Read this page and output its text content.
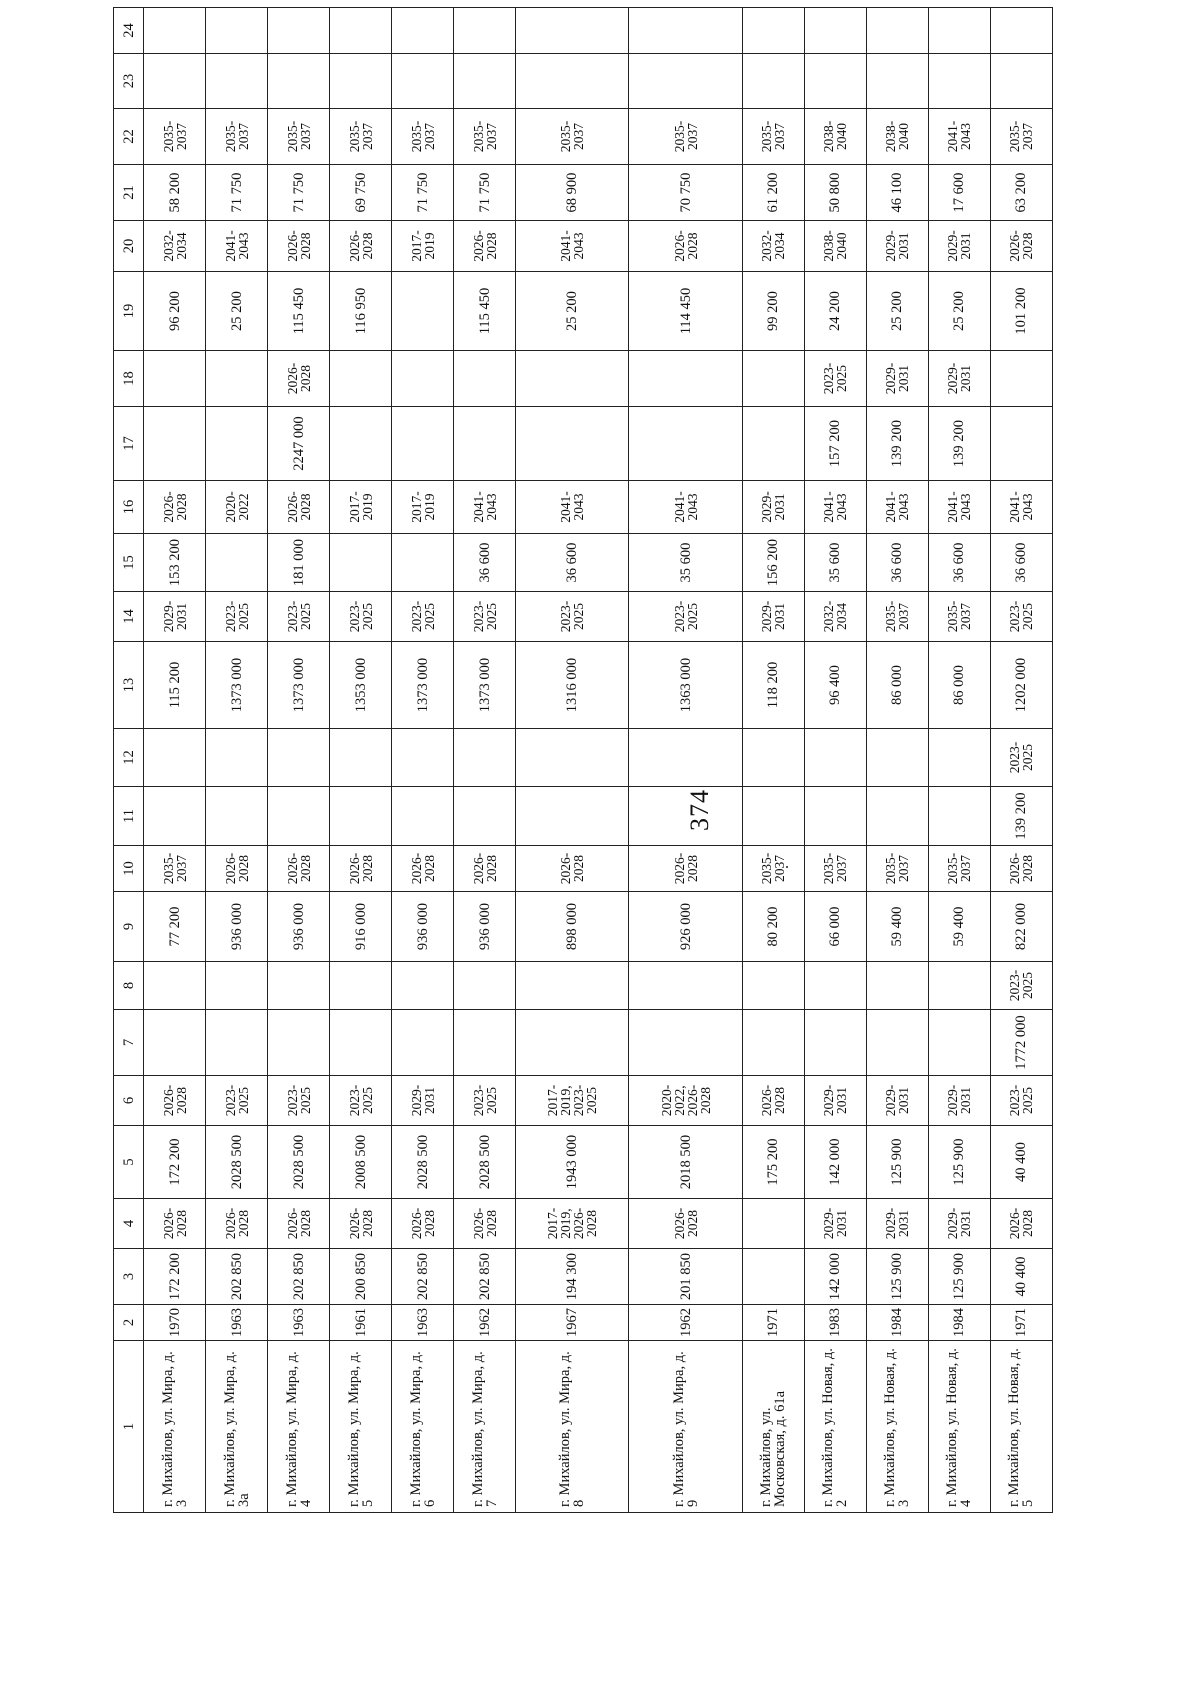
374
1	2	3	4	5	6	7	8	9	10	11	12	13	14	15	16	17	18	19	20	21	22	23	24
г. Михайлов, ул. Мира, д. 3	1970	172 200	2026-2028	172 200	2026-2028			77 200	2035-2037			115 200	2029-2031	153 200	2026-2028			96 200	2032-2034	58 200	2035-2037		
г. Михайлов, ул. Мира, д. 3а	1963	202 850	2026-2028	2028 500	2023-2025			936 000	2026-2028			1373 000	2023-2025		2020-2022			25 200	2041-2043	71 750	2035-2037		
г. Михайлов, ул. Мира, д. 4	1963	202 850	2026-2028	2028 500	2023-2025			936 000	2026-2028			1373 000	2023-2025	181 000	2026-2028	2247 000	2026-2028	115 450	2026-2028	71 750	2035-2037		
г. Михайлов, ул. Мира, д. 5	1961	200 850	2026-2028	2008 500	2023-2025			916 000	2026-2028			1353 000	2023-2025		2017-2019			116 950	2026-2028	69 750	2035-2037		
г. Михайлов, ул. Мира, д. 6	1963	202 850	2026-2028	2028 500	2029-2031			936 000	2026-2028			1373 000	2023-2025		2017-2019				2017-2019	71 750	2035-2037		
г. Михайлов, ул. Мира, д. 7	1962	202 850	2026-2028	2028 500	2023-2025			936 000	2026-2028			1373 000	2023-2025	36 600	2041-2043			115 450	2026-2028	71 750	2035-2037		
г. Михайлов, ул. Мира, д. 8	1967	194 300	2017-2019, 2026-2028	1943 000	2017-2019, 2023-2025			898 000	2026-2028			1316 000	2023-2025	36 600	2041-2043			25 200	2041-2043	68 900	2035-2037		
г. Михайлов, ул. Мира, д. 9	1962	201 850	2026-2028	2018 500	2020-2022, 2026-2028			926 000	2026-2028			1363 000	2023-2025	35 600	2041-2043			114 450	2026-2028	70 750	2035-2037		
г. Михайлов, ул. Московская, д. 61а	1971			175 200	2026-2028			80 200	2035-2037			118 200	2029-2031	156 200	2029-2031			99 200	2032-2034	61 200	2035-2037		
г. Михайлов, ул. Новая, д. 2	1983	142 000	2029-2031	142 000	2029-2031			66 000	2035-2037			96 400	2032-2034	35 600	2041-2043	157 200	2023-2025	24 200	2038-2040	50 800	2038-2040		
г. Михайлов, ул. Новая, д. 3	1984	125 900	2029-2031	125 900	2029-2031			59 400	2035-2037			86 000	2035-2037	36 600	2041-2043	139 200	2029-2031	25 200	2029-2031	46 100	2038-2040		
г. Михайлов, ул. Новая, д. 4	1984	125 900	2029-2031	125 900	2029-2031			59 400	2035-2037			86 000	2035-2037	36 600	2041-2043	139 200	2029-2031	25 200	2029-2031	17 600	2041-2043		
г. Михайлов, ул. Новая, д. 5	1971	40 400	2026-2028	40 400	2023-2025	1772 000	2023-2025	822 000	2026-2028	139 200	2023-2025	1202 000	2023-2025	36 600	2041-2043			101 200	2026-2028	63 200	2035-2037		
